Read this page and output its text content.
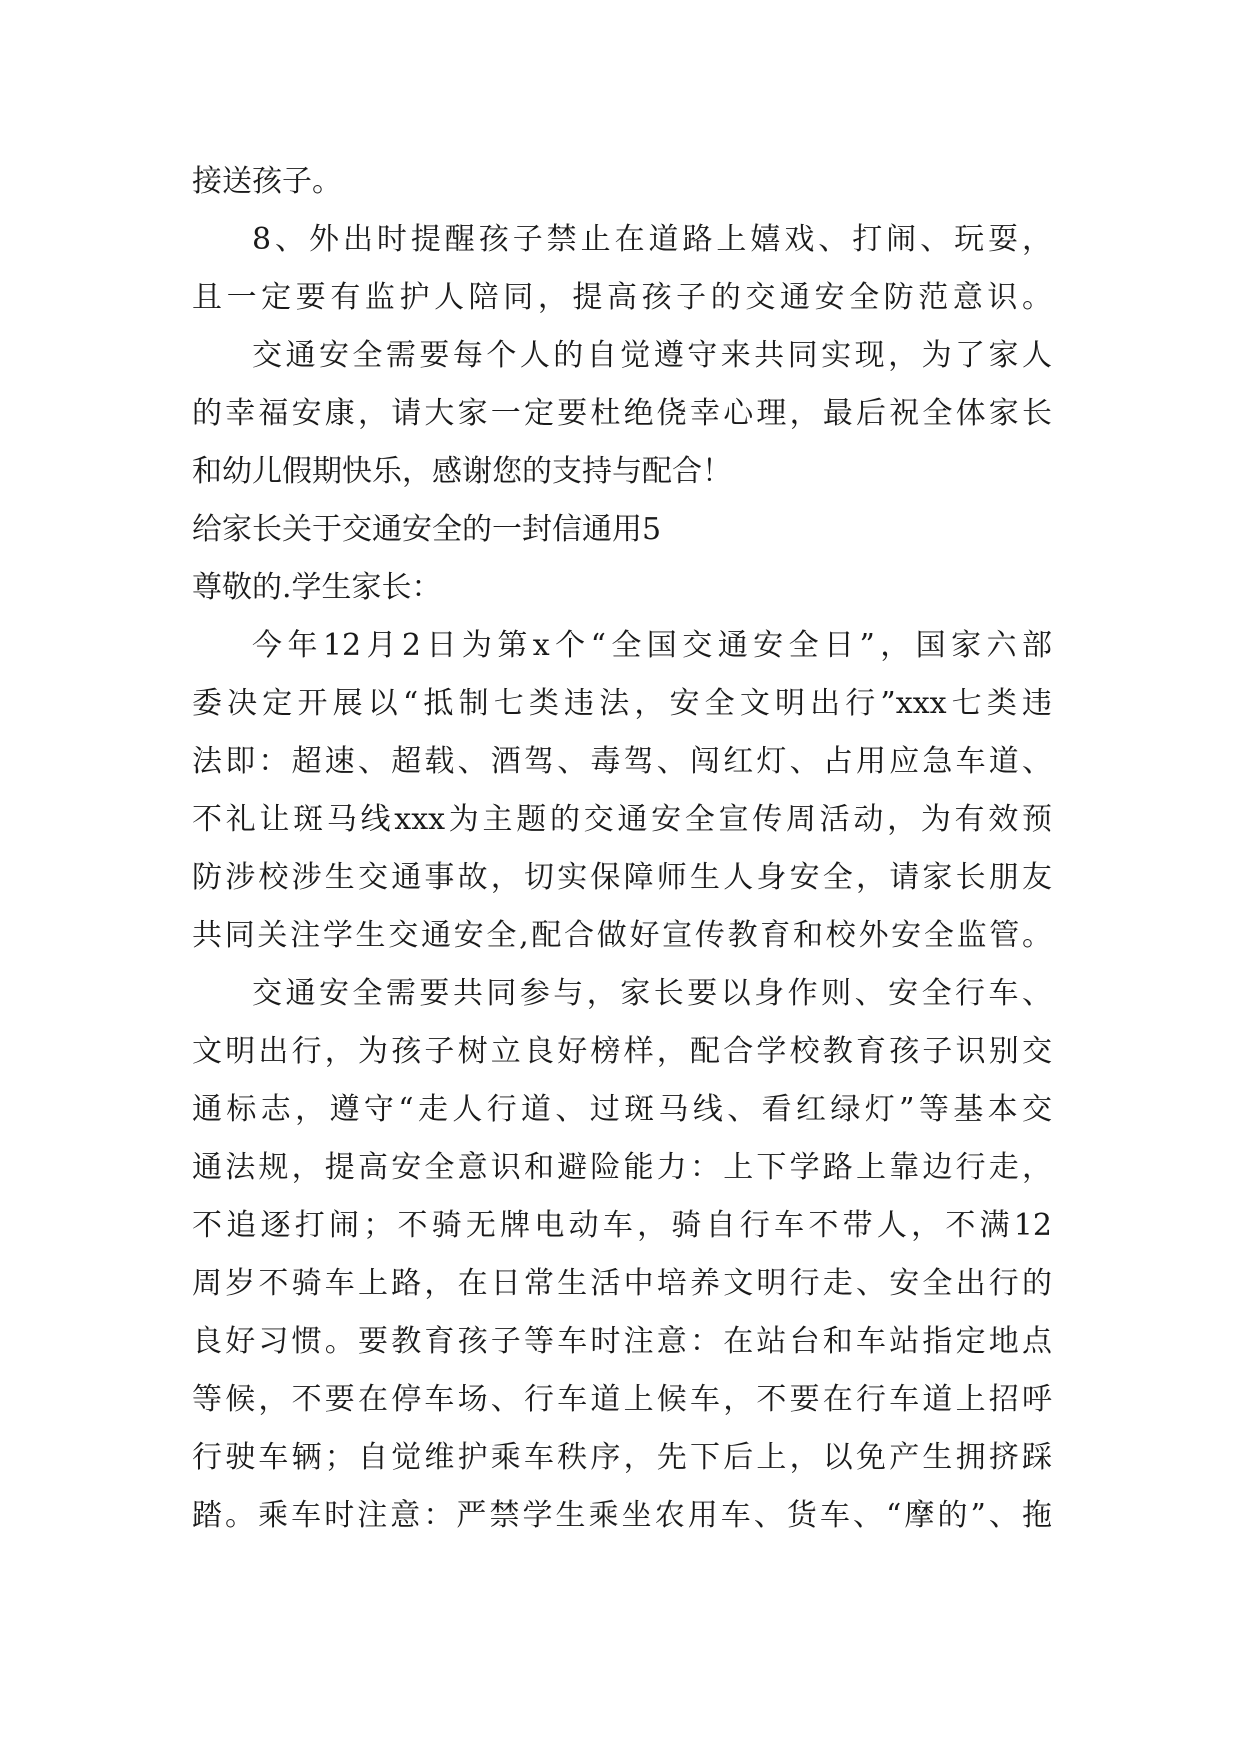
接送孩子。
8、外出时提醒孩子禁止在道路上嬉戏、打闹、玩耍，
且一定要有监护人陪同，提高孩子的交通安全防范意识。
交通安全需要每个人的自觉遵守来共同实现，为了家人
的幸福安康，请大家一定要杜绝侥幸心理，最后祝全体家长
和幼儿假期快乐，感谢您的支持与配合！
给家长关于交通安全的一封信通用5
尊敬的.学生家长：
今年12月2日为第x个“全国交通安全日”，国家六部
委决定开展以“抵制七类违法，安全文明出行”xxx七类违
法即：超速、超载、酒驾、毒驾、闯红灯、占用应急车道、
不礼让斑马线xxx为主题的交通安全宣传周活动，为有效预
防涉校涉生交通事故，切实保障师生人身安全，请家长朋友
共同关注学生交通安全,配合做好宣传教育和校外安全监管。
交通安全需要共同参与，家长要以身作则、安全行车、
文明出行，为孩子树立良好榜样，配合学校教育孩子识别交
通标志，遵守“走人行道、过斑马线、看红绿灯”等基本交
通法规，提高安全意识和避险能力：上下学路上靠边行走，
不追逐打闹；不骑无牌电动车，骑自行车不带人，不满12
周岁不骑车上路，在日常生活中培养文明行走、安全出行的
良好习惯。要教育孩子等车时注意：在站台和车站指定地点
等候，不要在停车场、行车道上候车，不要在行车道上招呼
行驶车辆；自觉维护乘车秩序，先下后上，以免产生拥挤踩
踏。乘车时注意：严禁学生乘坐农用车、货车、“摩的”、拖
